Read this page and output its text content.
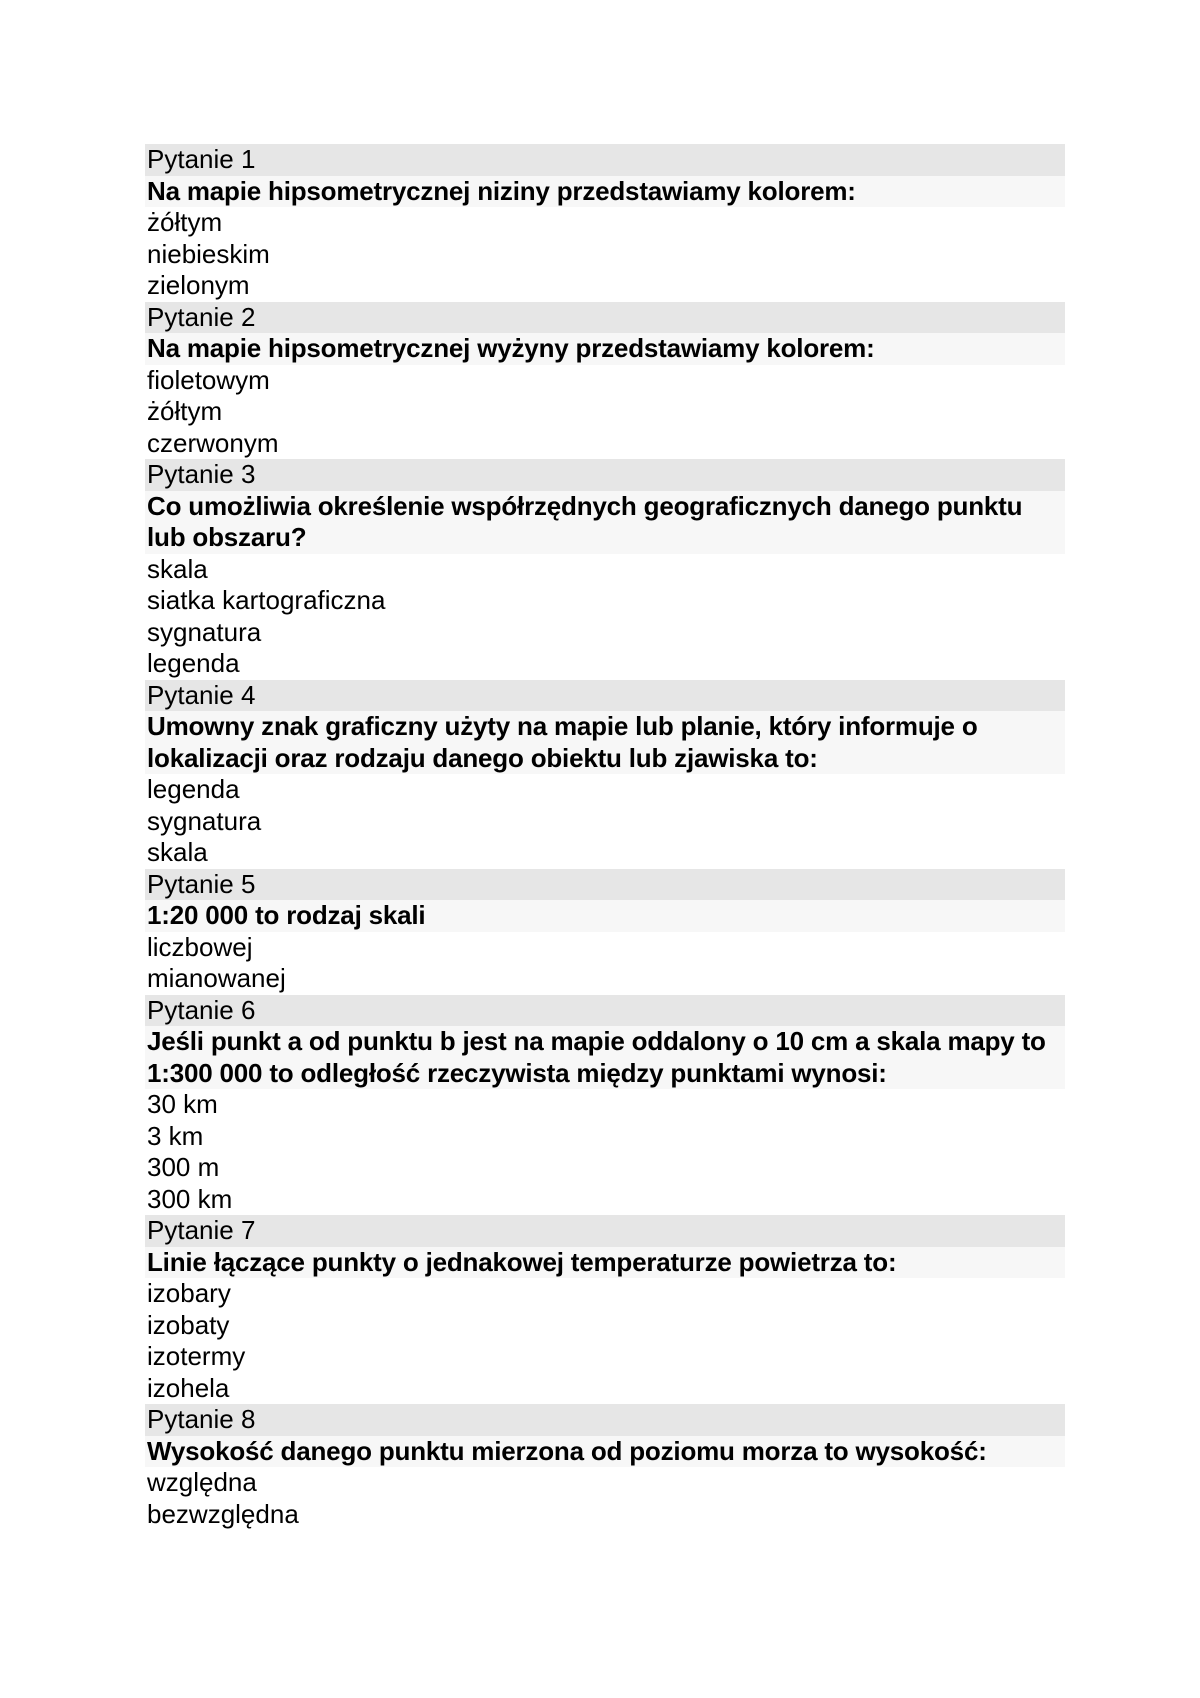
Pytanie 1
Na mapie hipsometrycznej niziny przedstawiamy kolorem:
żółtym
niebieskim
zielonym
Pytanie 2
Na mapie hipsometrycznej wyżyny przedstawiamy kolorem:
fioletowym
żółtym
czerwonym
Pytanie 3
Co umożliwia określenie współrzędnych geograficznych danego punktu lub obszaru?
skala
siatka kartograficzna
sygnatura
legenda
Pytanie 4
Umowny znak graficzny użyty na mapie lub planie, który informuje o lokalizacji oraz rodzaju danego obiektu lub zjawiska to:
legenda
sygnatura
skala
Pytanie 5
1:20 000 to rodzaj skali
liczbowej
mianowanej
Pytanie 6
Jeśli punkt a od punktu b jest na mapie oddalony o 10 cm a skala mapy to 1:300 000 to odległość rzeczywista między punktami wynosi:
30 km
3 km
300 m
300 km
Pytanie 7
Linie łączące punkty o jednakowej temperaturze powietrza to:
izobary
izobaty
izotermy
izohela
Pytanie 8
Wysokość danego punktu mierzona od poziomu morza to wysokość:
względna
bezwzględna
